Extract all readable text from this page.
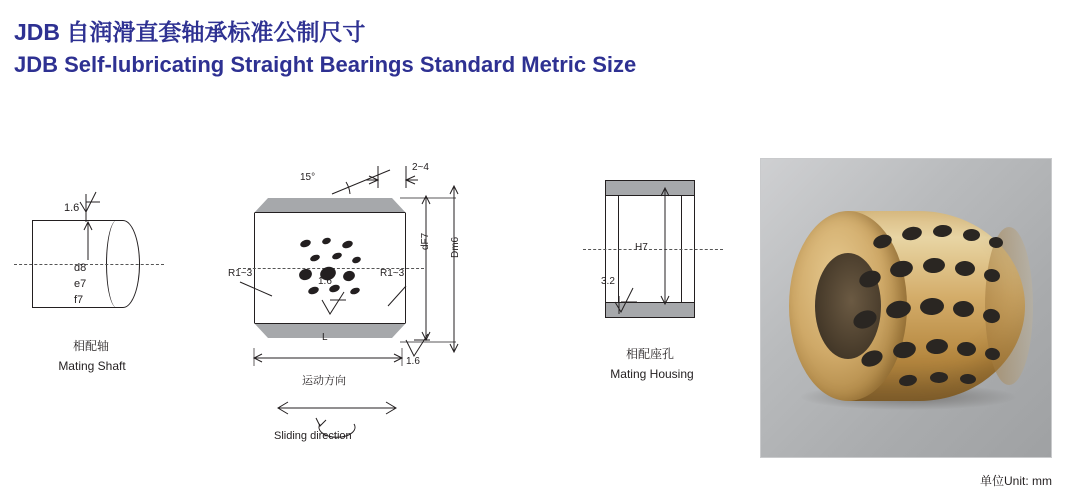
JDB 自润滑直套轴承标准公制尺寸
JDB Self-lubricating Straight Bearings Standard Metric Size
1.6
d8
e7
f7
相配轴
Mating Shaft
15°
2~4
dF7 Dm6
R1~3	R1~3
1.6
L
1.6
运动方向
Sliding direction
H7
3.2
相配座孔
Mating Housing
单位Unit: mm
